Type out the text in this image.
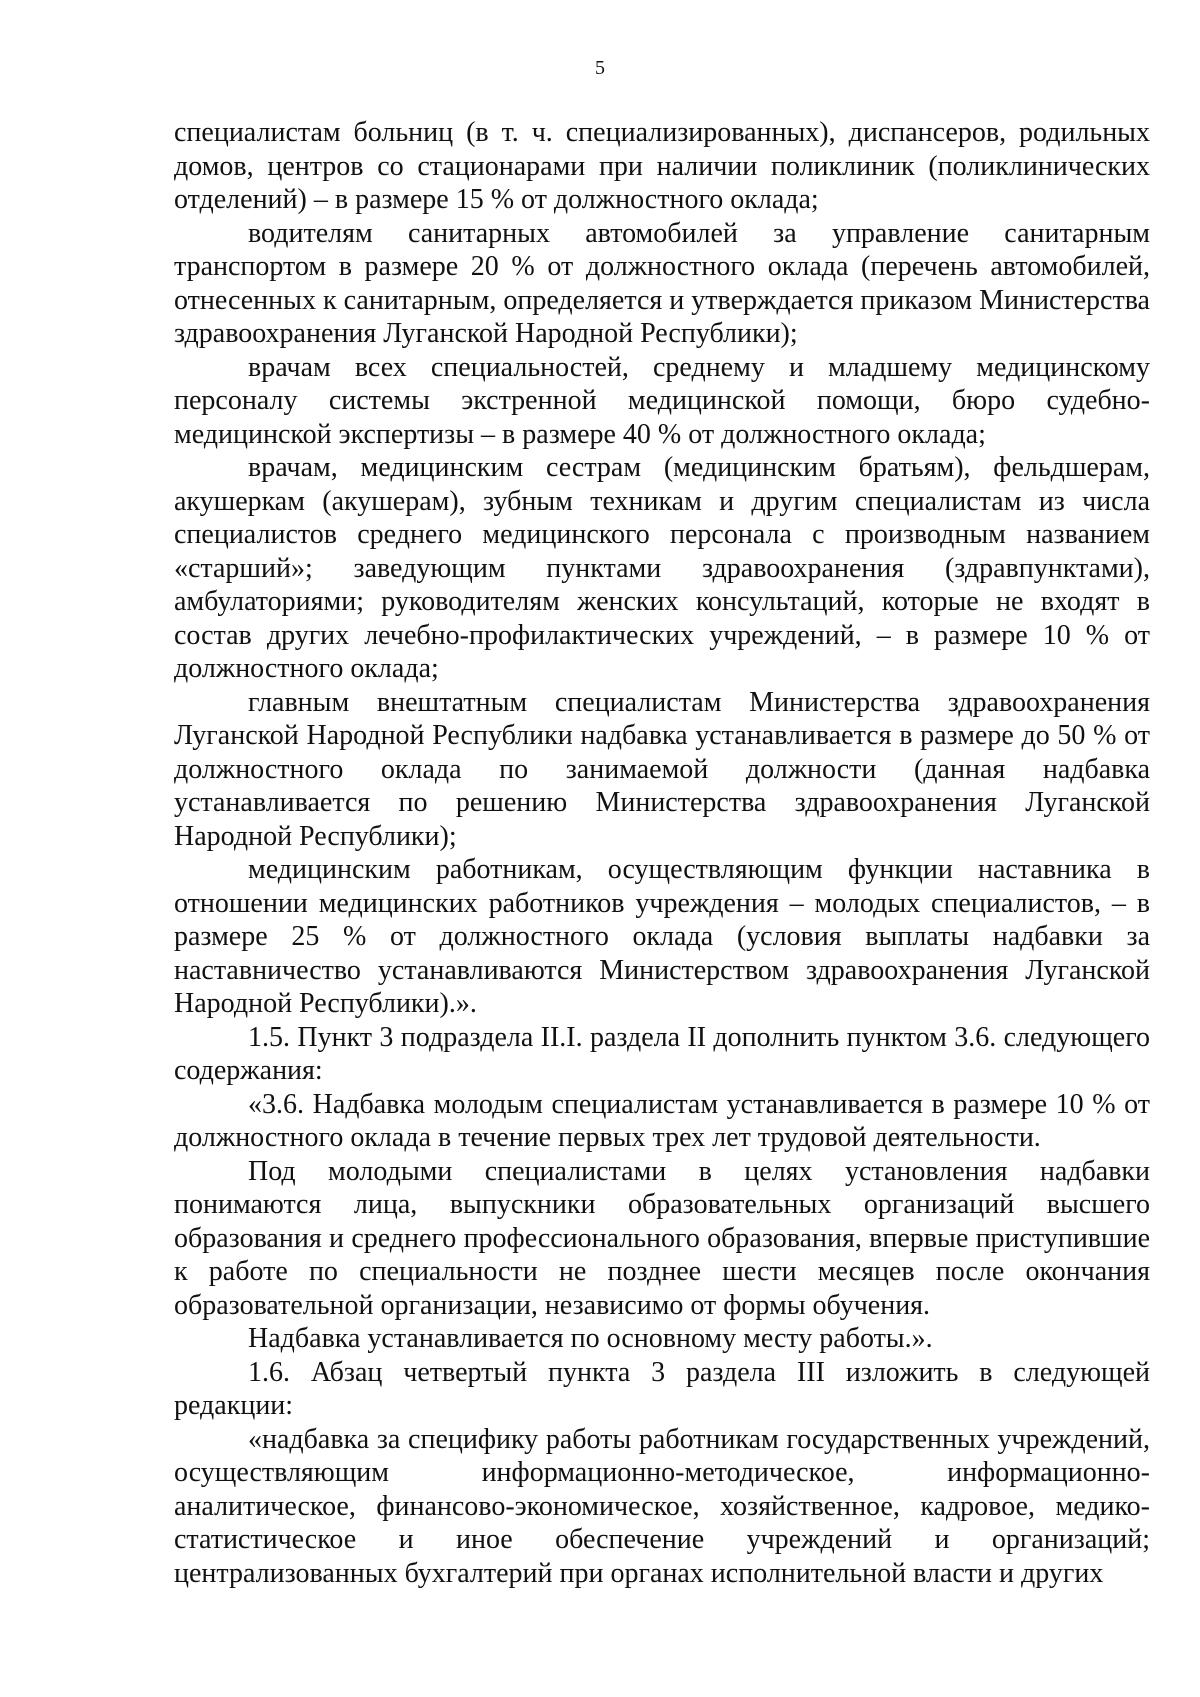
5

специалистам больниц (в т. ч. специализированных), диспансеров, родильных домов, центров со стационарами при наличии поликлиник (поликлинических отделений) – в размере 15 % от должностного оклада;

водителям санитарных автомобилей за управление санитарным транспортом в размере 20 % от должностного оклада (перечень автомобилей, отнесенных к санитарным, определяется и утверждается приказом Министерства здравоохранения Луганской Народной Республики);

врачам всех специальностей, среднему и младшему медицинскому персоналу системы экстренной медицинской помощи, бюро судебно-медицинской экспертизы – в размере 40 % от должностного оклада;

врачам, медицинским сестрам (медицинским братьям), фельдшерам, акушеркам (акушерам), зубным техникам и другим специалистам из числа специалистов среднего медицинского персонала с производным названием «старший»; заведующим пунктами здравоохранения (здравпунктами), амбулаториями; руководителям женских консультаций, которые не входят в состав других лечебно-профилактических учреждений, – в размере 10 % от должностного оклада;

главным внештатным специалистам Министерства здравоохранения Луганской Народной Республики надбавка устанавливается в размере до 50 % от должностного оклада по занимаемой должности (данная надбавка устанавливается по решению Министерства здравоохранения Луганской Народной Республики);

медицинским работникам, осуществляющим функции наставника в отношении медицинских работников учреждения – молодых специалистов, – в размере 25 % от должностного оклада (условия выплаты надбавки за наставничество устанавливаются Министерством здравоохранения Луганской Народной Республики).».

1.5. Пункт 3 подраздела II.I. раздела II дополнить пунктом 3.6. следующего содержания:

«3.6. Надбавка молодым специалистам устанавливается в размере 10 % от должностного оклада в течение первых трех лет трудовой деятельности.

Под молодыми специалистами в целях установления надбавки понимаются лица, выпускники образовательных организаций высшего образования и среднего профессионального образования, впервые приступившие к работе по специальности не позднее шести месяцев после окончания образовательной организации, независимо от формы обучения.

Надбавка устанавливается по основному месту работы.».

1.6. Абзац четвертый пункта 3 раздела III изложить в следующей редакции:

«надбавка за специфику работы работникам государственных учреждений, осуществляющим информационно-методическое, информационно-аналитическое, финансово-экономическое, хозяйственное, кадровое, медико-статистическое и иное обеспечение учреждений и организаций; централизованных бухгалтерий при органах исполнительной власти и других
